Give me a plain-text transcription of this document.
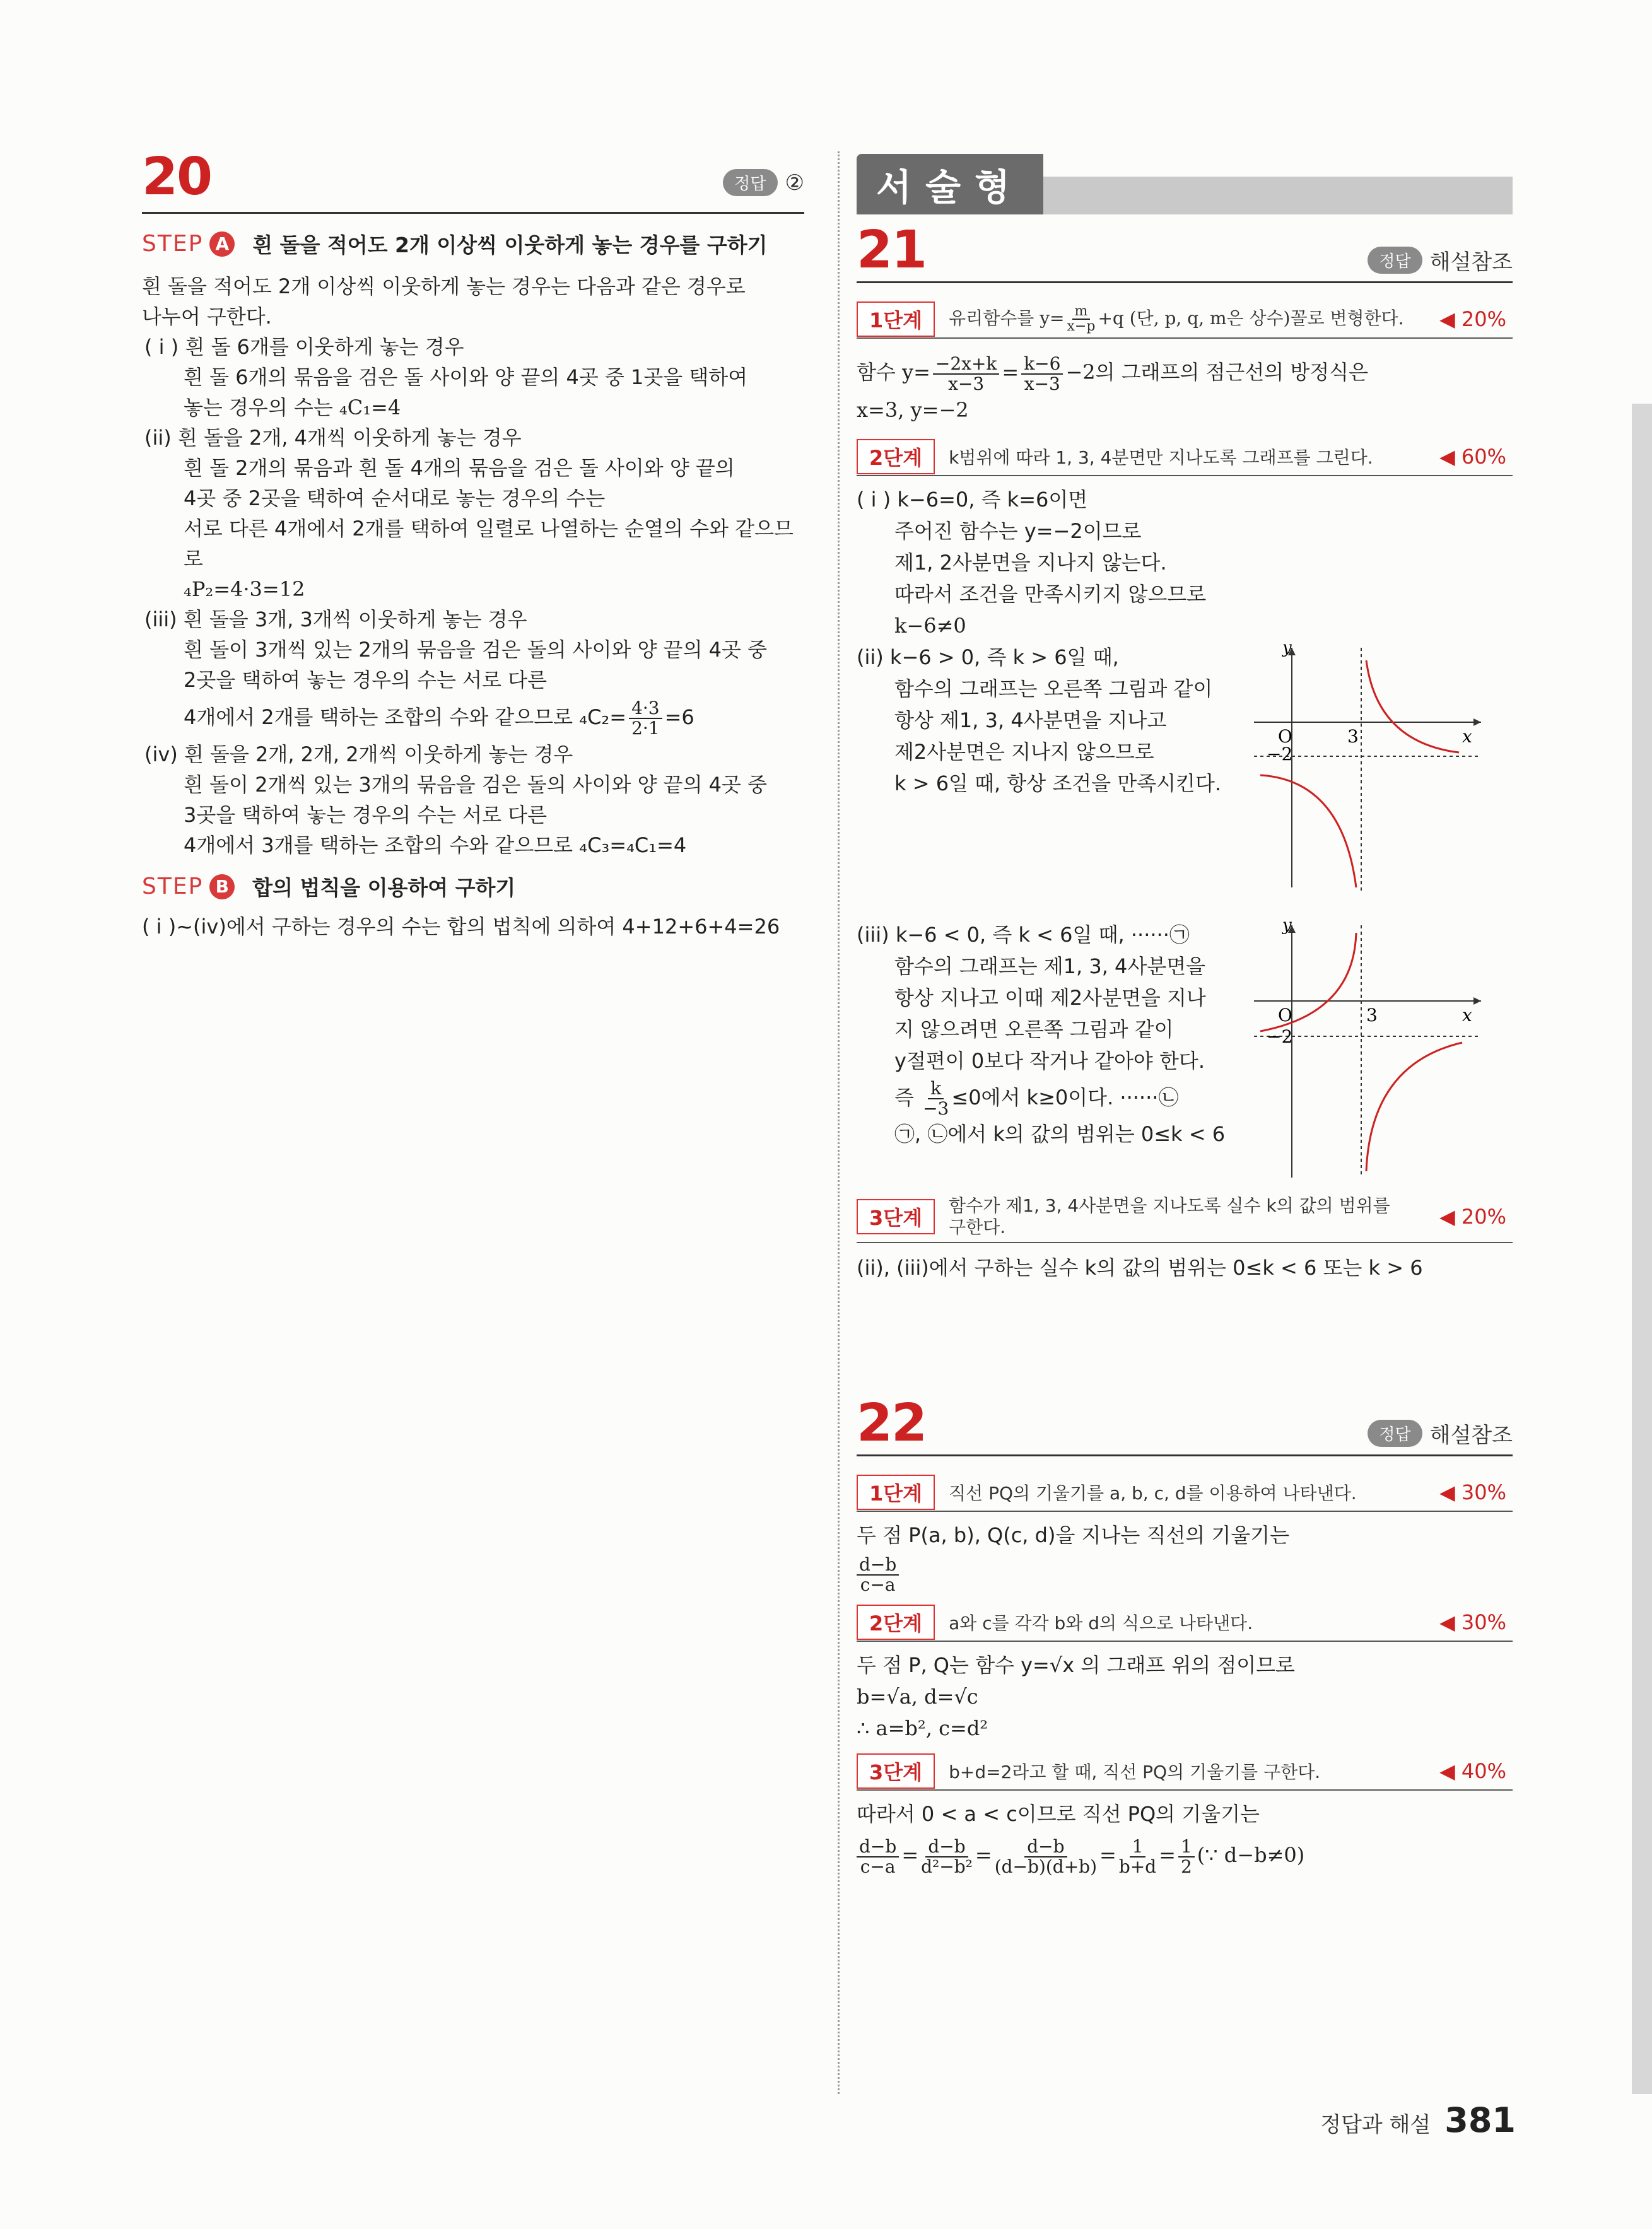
20	정답 ②
STEP A 흰 돌을 적어도 2개 이상씩 이웃하게 놓는 경우를 구하기

흰 돌을 적어도 2개 이상씩 이웃하게 놓는 경우는 다음과 같은 경우로

나누어 구한다.

( i ) 흰 돌 6개를 이웃하게 놓는 경우

흰 돌 6개의 묶음을 검은 돌 사이와 양 끝의 4곳 중 1곳을 택하여

놓는 경우의 수는 ₄C₁=4

(ii) 흰 돌을 2개, 4개씩 이웃하게 놓는 경우

흰 돌 2개의 묶음과 흰 돌 4개의 묶음을 검은 돌 사이와 양 끝의

4곳 중 2곳을 택하여 순서대로 놓는 경우의 수는

서로 다른 4개에서 2개를 택하여 일렬로 나열하는 순열의 수와 같으므로

₄P₂=4·3=12

(iii) 흰 돌을 3개, 3개씩 이웃하게 놓는 경우

흰 돌이 3개씩 있는 2개의 묶음을 검은 돌의 사이와 양 끝의 4곳 중

2곳을 택하여 놓는 경우의 수는 서로 다른

4개에서 2개를 택하는 조합의 수와 같으므로 $_4C_2= \frac{4\cdot 3}{2\cdot 1} =6$

(iv) 흰 돌을 2개, 2개, 2개씩 이웃하게 놓는 경우

흰 돌이 2개씩 있는 3개의 묶음을 검은 돌의 사이와 양 끝의 4곳 중

3곳을 택하여 놓는 경우의 수는 서로 다른

4개에서 3개를 택하는 조합의 수와 같으므로 ₄C₃=₄C₁=4

STEP B 합의 법칙을 이용하여 구하기

( i )~(iv)에서 구하는 경우의 수는 합의 법칙에 의하여 4+12+6+4=26

서술형
21	정답 해설참조
1단계	유리함수를 $y= \frac{m}{x-p} +q$ (단, p, q, m은 상수)꼴로 변형한다.	◀ 20%

함수 $y= \frac{-2x+k}{x-3} = \frac{k-6}{x-3} -2$의 그래프의 점근선의 방정식은

x=3, y=−2

2단계	k범위에 따라 1, 3, 4분면만 지나도록 그래프를 그린다.	◀ 60%

( i ) k−6=0, 즉 k=6이면

주어진 함수는 y=−2이므로

제1, 2사분면을 지나지 않는다.

따라서 조건을 만족시키지 않으므로

k−6≠0

(ii) k−6 > 0, 즉 k > 6일 때,

함수의 그래프는 오른쪽 그림과 같이

항상 제1, 3, 4사분면을 지나고

제2사분면은 지나지 않으므로

k > 6일 때, 항상 조건을 만족시킨다.

y
x
O	3
−2

(iii) k−6 < 0, 즉 k < 6일 때, ······㉠

함수의 그래프는 제1, 3, 4사분면을

항상 지나고 이때 제2사분면을 지나

지 않으려면 오른쪽 그림과 같이

y절편이 0보다 작거나 같아야 한다.

즉 $\frac{k}{-3} \le 0$에서 k≥0이다. ······㉡

㉠, ㉡에서 k의 값의 범위는 0≤k < 6

y
x
O	3
−2
3단계
함수가 제1, 3, 4사분면을 지나도록 실수 k의 값의 범위를
구한다.	◀ 20%

(ii), (iii)에서 구하는 실수 k의 값의 범위는 0≤k < 6 또는 k > 6

22	정답 해설참조
1단계	직선 PQ의 기울기를 a, b, c, d를 이용하여 나타낸다.	◀ 30%

두 점 P(a, b), Q(c, d)을 지나는 직선의 기울기는

$\frac{d-b}{c-a}$

2단계	a와 c를 각각 b와 d의 식으로 나타낸다.	◀ 30%

두 점 P, Q는 함수 y=√x 의 그래프 위의 점이므로

b=√a, d=√c

∴ a=b², c=d²

3단계	b+d=2라고 할 때, 직선 PQ의 기울기를 구한다.	◀ 40%

따라서 0 < a < c이므로 직선 PQ의 기울기는

$\frac{d-b}{c-a} = \frac{d-b}{\text{d²−b²}} = \frac{d-b}{(d-b)(d+b)} = \frac{1}{b+d} = \frac{1}{2}$ (∵ d−b≠0)

정답과 해설 381
